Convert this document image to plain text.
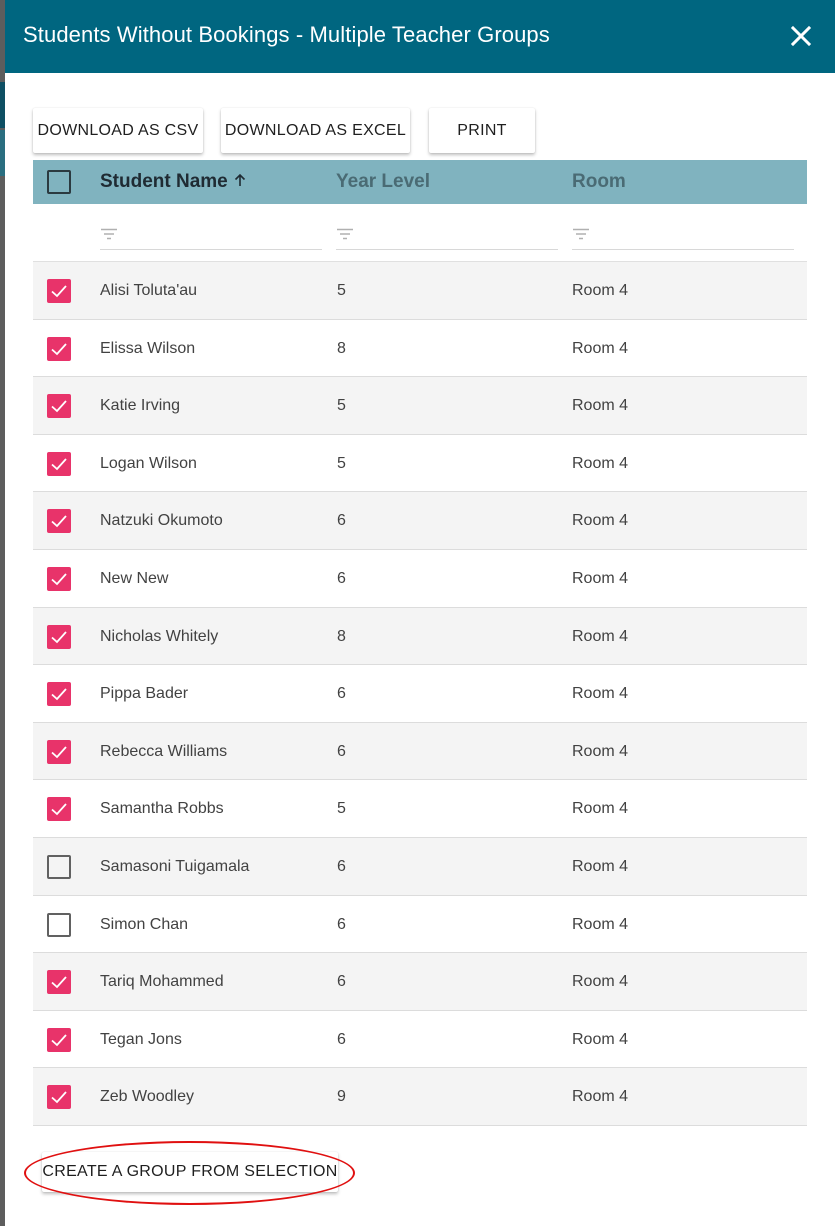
Students Without Bookings - Multiple Teacher Groups
DOWNLOAD AS CSV DOWNLOAD AS EXCEL	PRINT
Student Name	Year Level	Room
Alisi Toluta'au	5	Room 4
Elissa Wilson	8	Room 4
Katie Irving	5	Room 4
Logan Wilson	5	Room 4
Natzuki Okumoto	6	Room 4
New New	6	Room 4
Nicholas Whitely	8	Room 4
Pippa Bader	6	Room 4
Rebecca Williams	6	Room 4
Samantha Robbs	5	Room 4
Samasoni Tuigamala	6	Room 4
Simon Chan	6	Room 4
Tariq Mohammed	6	Room 4
Tegan Jons	6	Room 4
Zeb Woodley	9	Room 4
CREATE A GROUP FROM SELECTION
